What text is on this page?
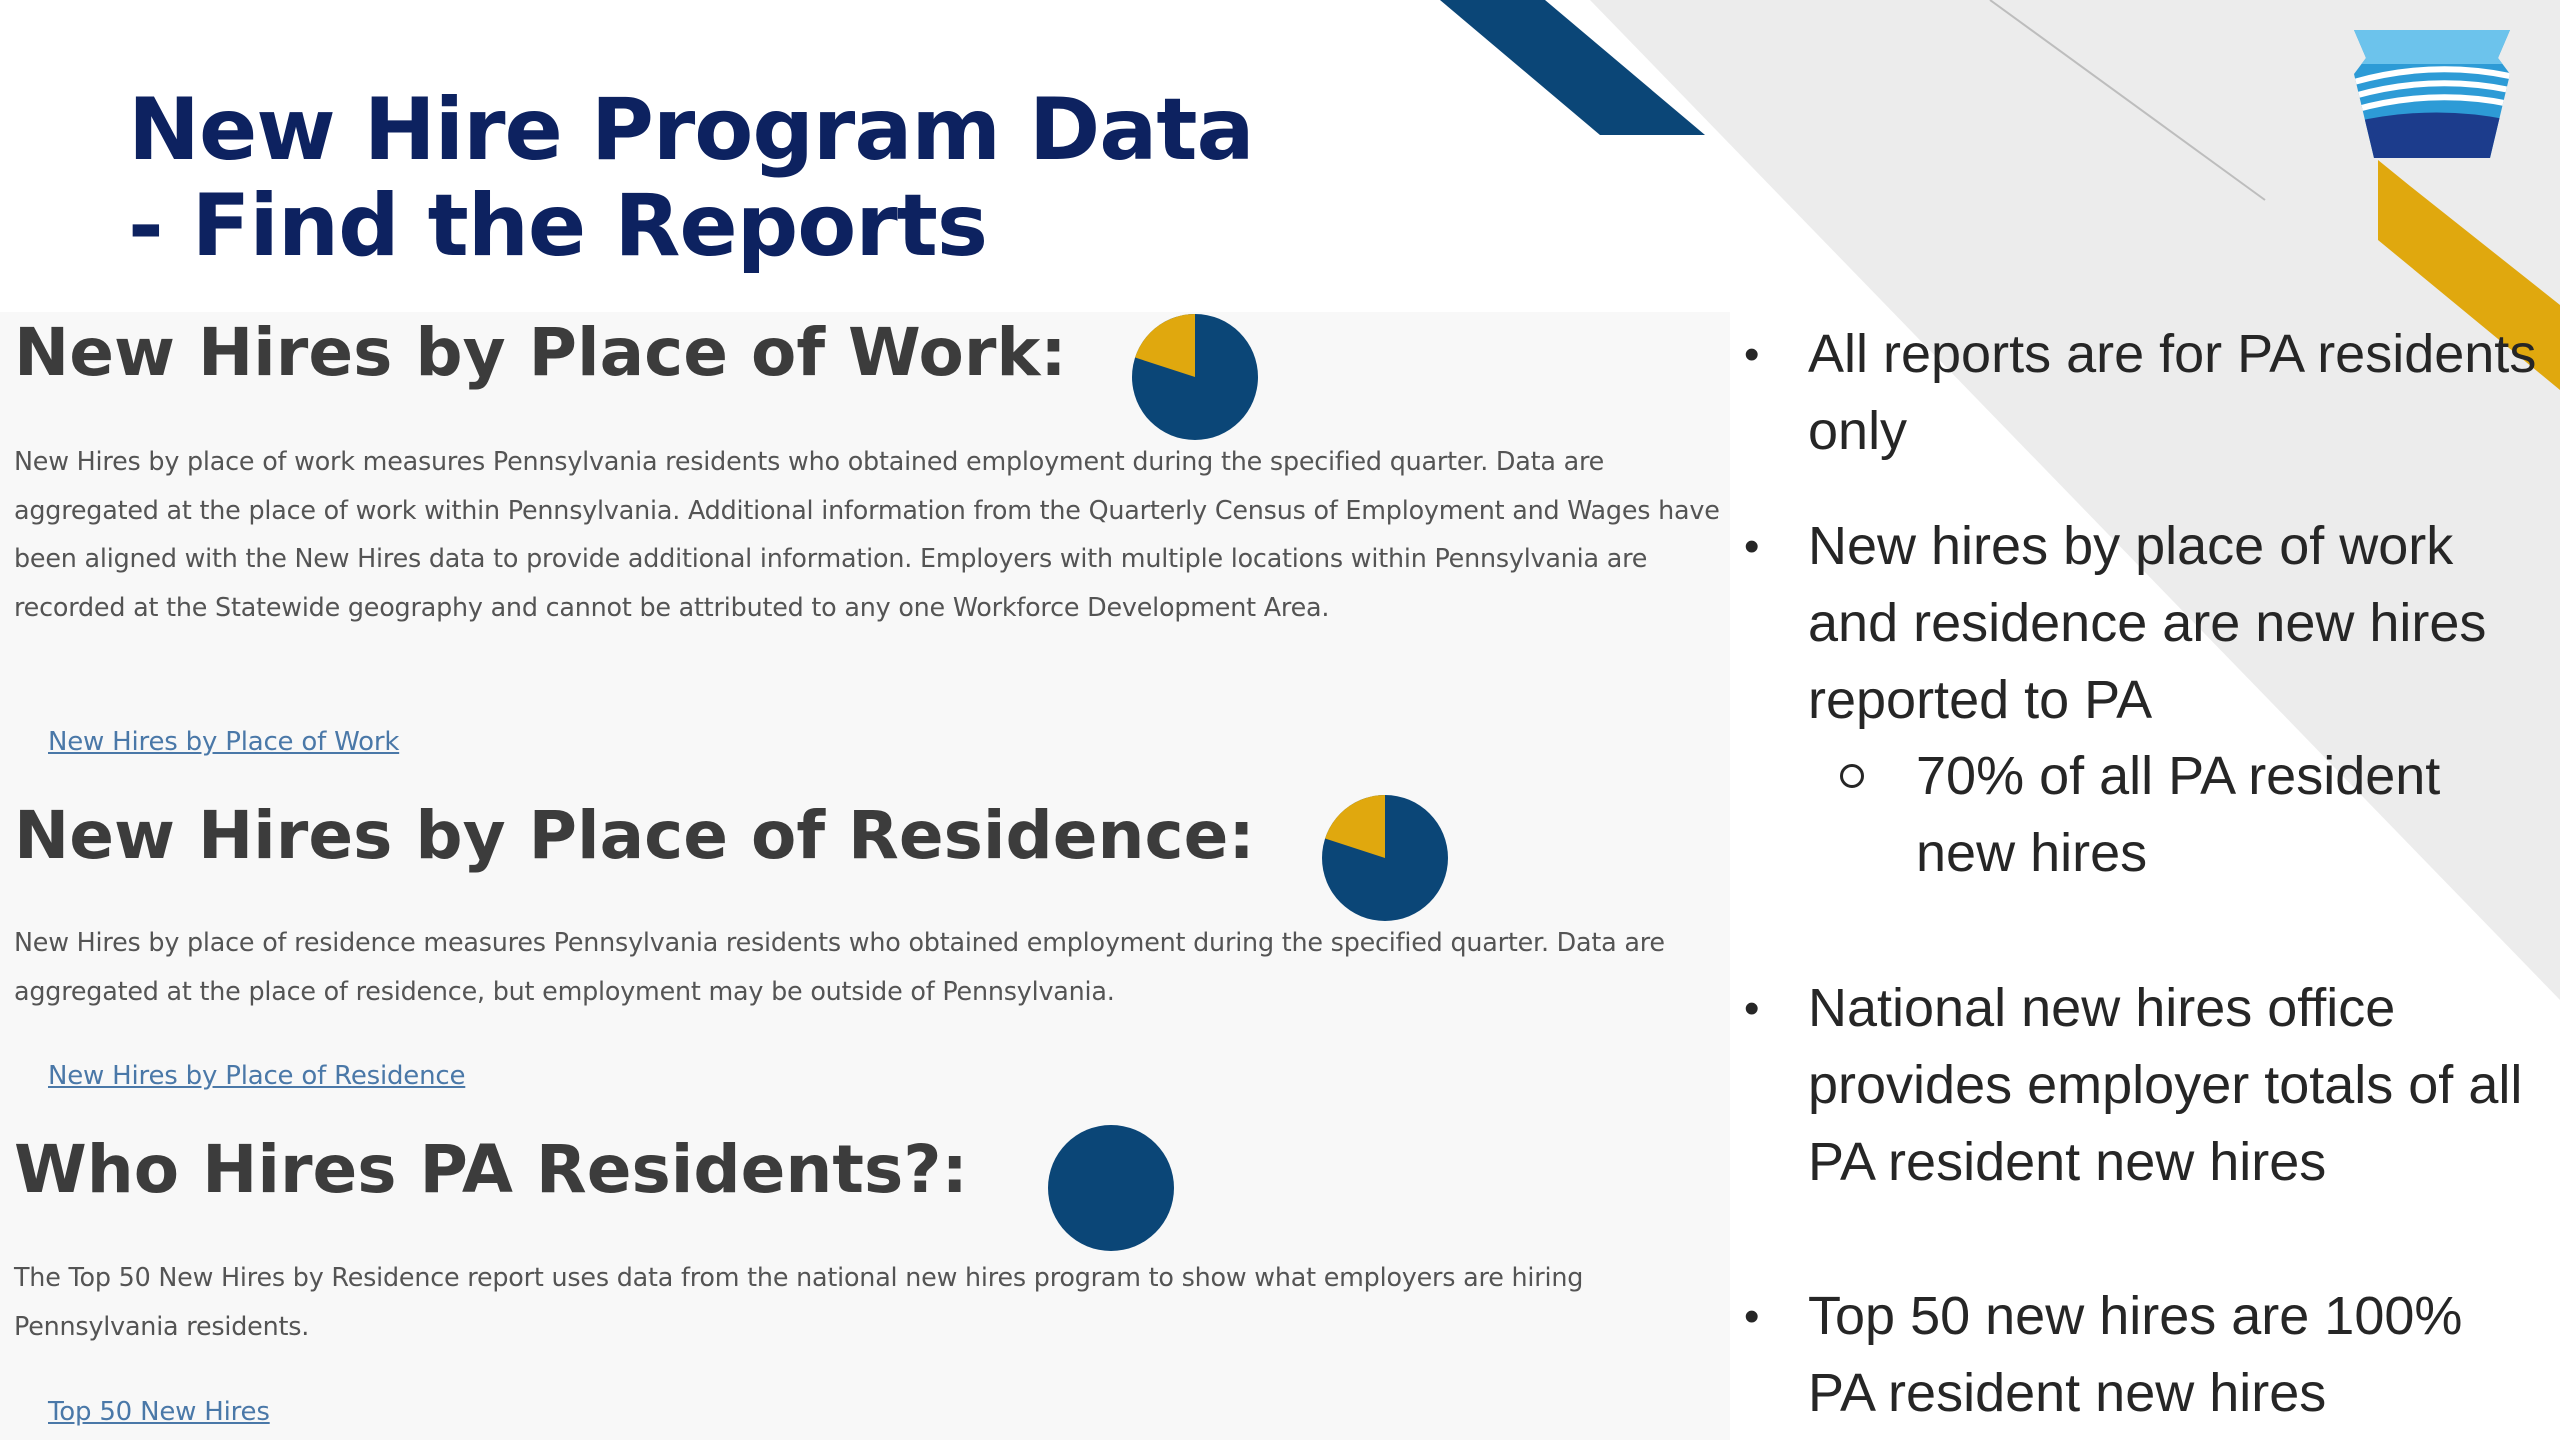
New Hire Program Data
- Find the Reports
New Hires by Place of Work:

New Hires by place of work measures Pennsylvania residents who obtained employment during the specified quarter. Data are aggregated at the place of work within Pennsylvania. Additional information from the Quarterly Census of Employment and Wages have been aligned with the New Hires data to provide additional information. Employers with multiple locations within Pennsylvania are recorded at the Statewide geography and cannot be attributed to any one Workforce Development Area.

New Hires by Place of Work
New Hires by Place of Residence:

New Hires by place of residence measures Pennsylvania residents who obtained employment during the specified quarter. Data are aggregated at the place of residence, but employment may be outside of Pennsylvania.

New Hires by Place of Residence
Who Hires PA Residents?:

The Top 50 New Hires by Residence report uses data from the national new hires program to show what employers are hiring Pennsylvania residents.

Top 50 New Hires
• All reports are for PA residents only
• New hires by place of work and residence are new hires reported to PA
70% of all PA resident new hires
• National new hires office provides employer totals of all PA resident new hires
• Top 50 new hires are 100% PA resident new hires
